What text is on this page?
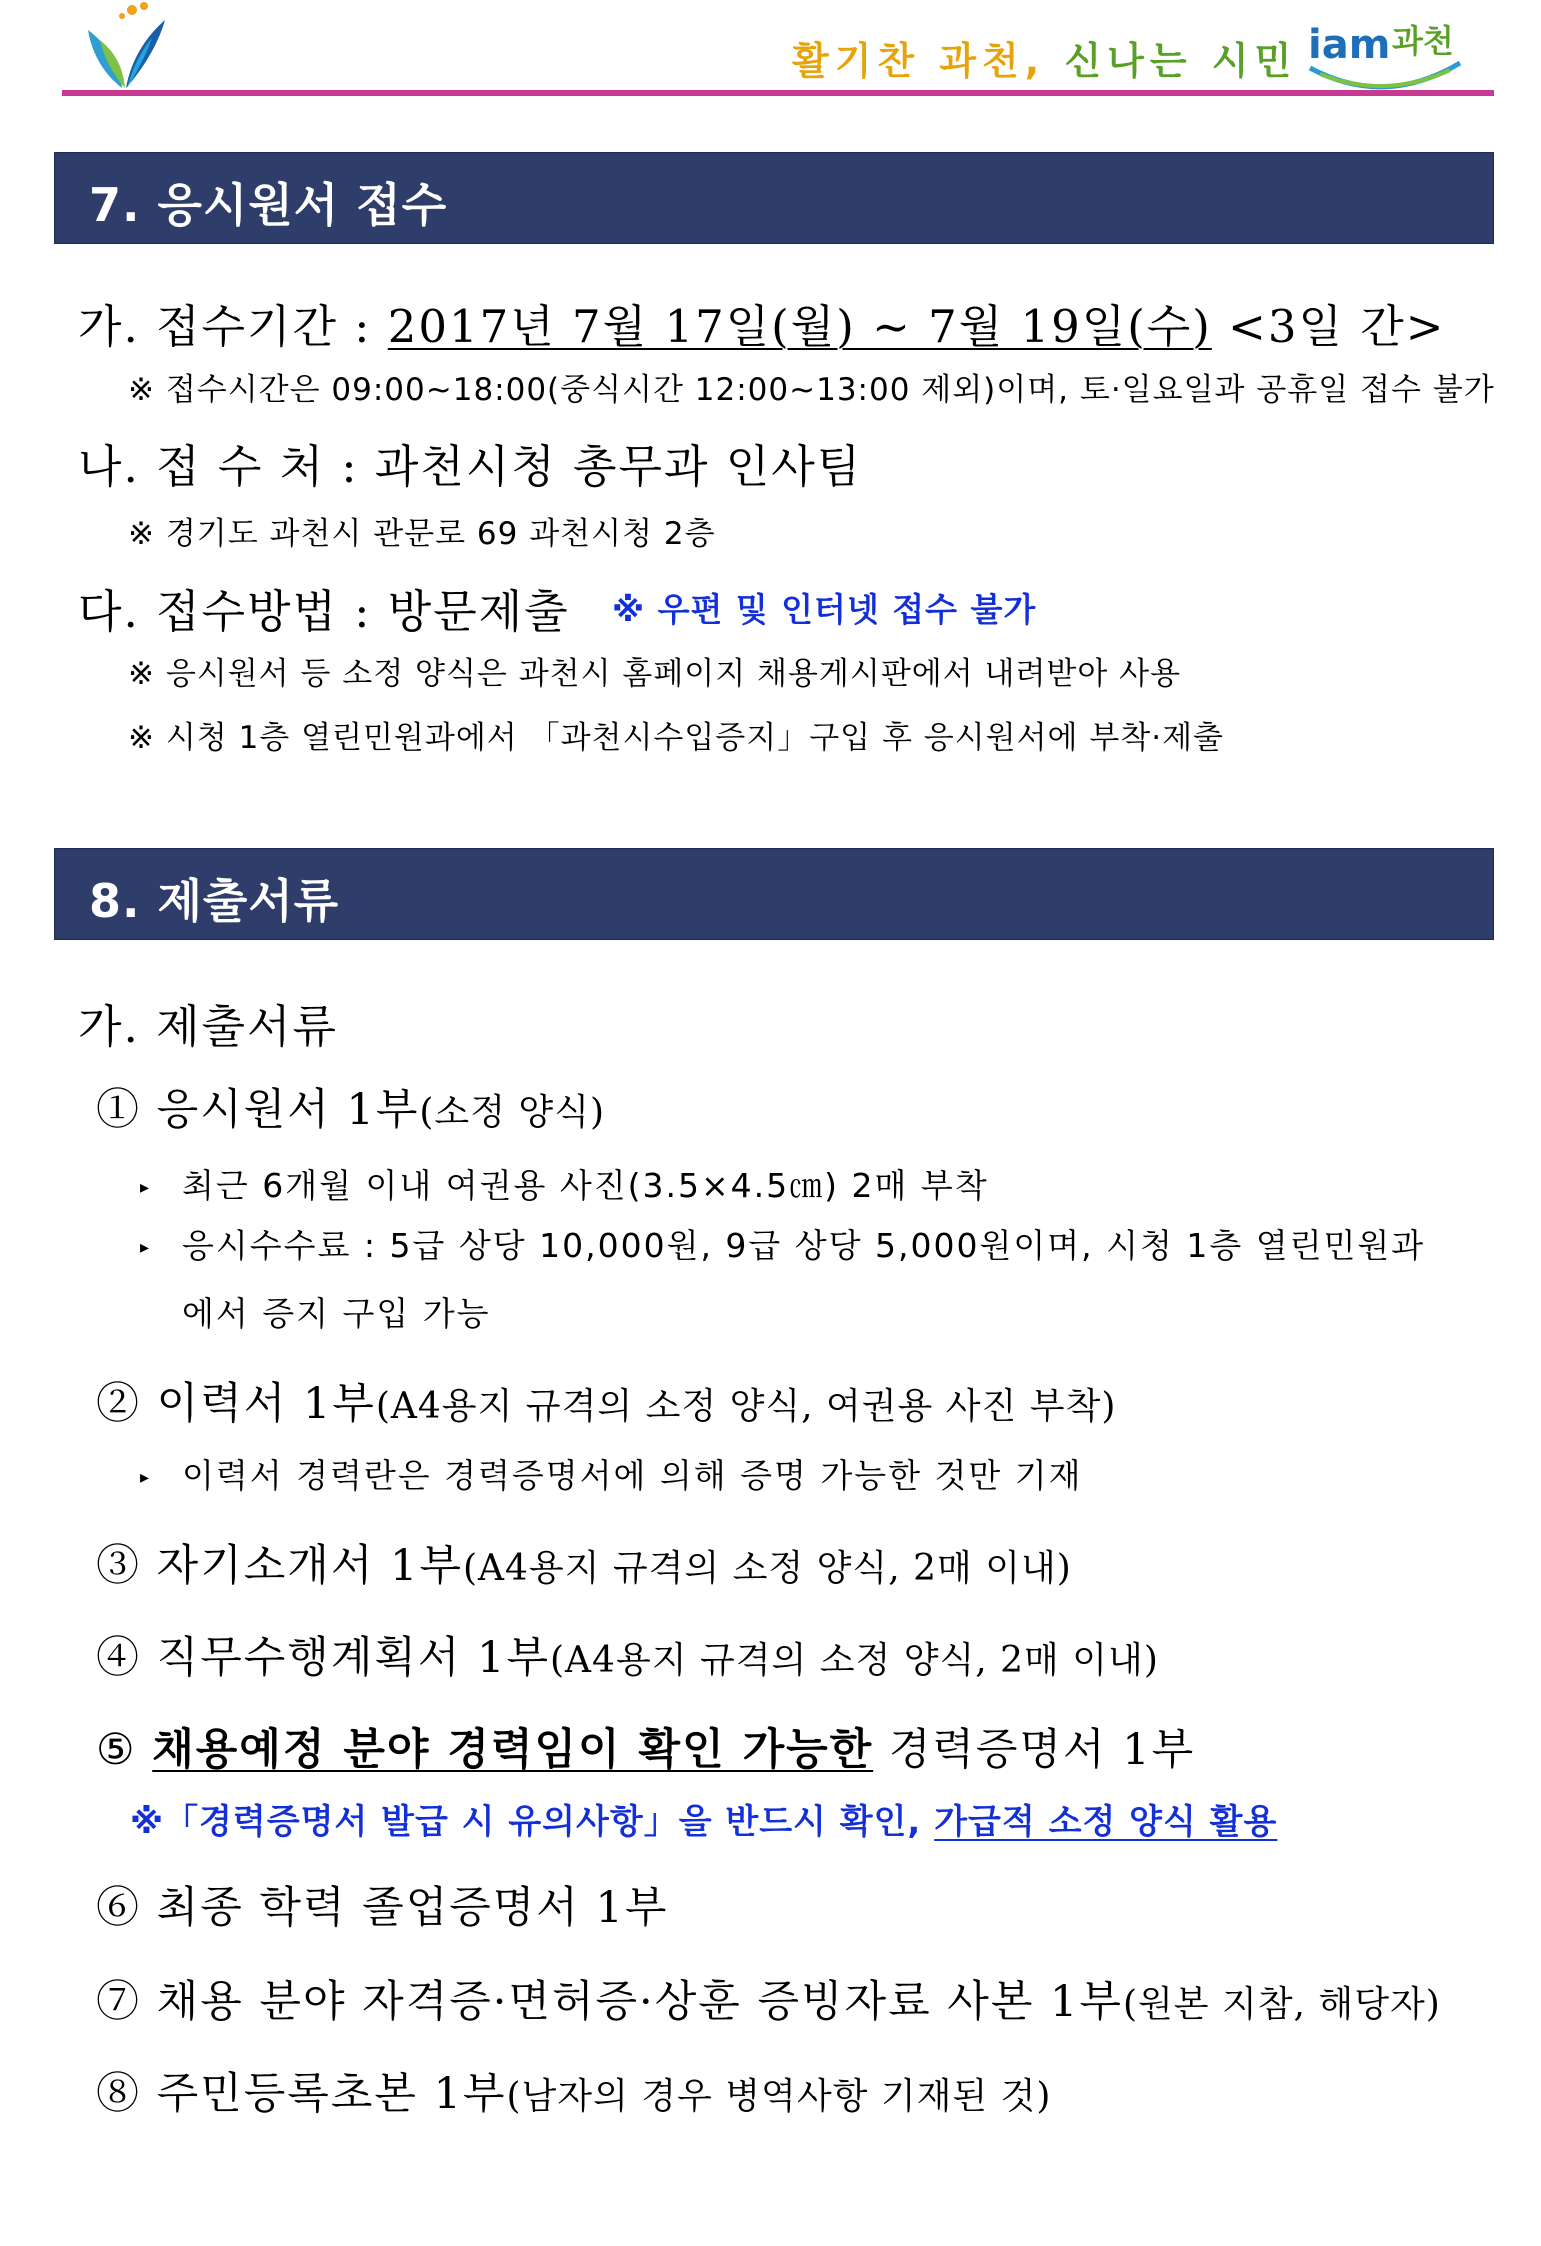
활기찬 과천, 신나는 시민 iam 과천
7. 응시원서 접수
가. 접수기간 : 2017년 7월 17일(월) ~ 7월 19일(수) <3일 간>
※ 접수시간은 09:00~18:00(중식시간 12:00~13:00 제외)이며, 토·일요일과 공휴일 접수 불가
나. 접 수 처 : 과천시청 총무과 인사팀
※ 경기도 과천시 관문로 69 과천시청 2층
다. 접수방법 : 방문제출 ※ 우편 및 인터넷 접수 불가
※ 응시원서 등 소정 양식은 과천시 홈페이지 채용게시판에서 내려받아 사용
※ 시청 1층 열린민원과에서 「과천시수입증지」구입 후 응시원서에 부착·제출
8. 제출서류
가. 제출서류
① 응시원서 1부(소정 양식)
▸ 최근 6개월 이내 여권용 사진(3.5×4.5㎝) 2매 부착
▸ 응시수수료 : 5급 상당 10,000원, 9급 상당 5,000원이며, 시청 1층 열린민원과
에서 증지 구입 가능
② 이력서 1부(A4용지 규격의 소정 양식, 여권용 사진 부착)
▸ 이력서 경력란은 경력증명서에 의해 증명 가능한 것만 기재
③ 자기소개서 1부(A4용지 규격의 소정 양식, 2매 이내)
④ 직무수행계획서 1부(A4용지 규격의 소정 양식, 2매 이내)
⑤ 채용예정 분야 경력임이 확인 가능한 경력증명서 1부
※「경력증명서 발급 시 유의사항」을 반드시 확인, 가급적 소정 양식 활용
⑥ 최종 학력 졸업증명서 1부
⑦ 채용 분야 자격증·면허증·상훈 증빙자료 사본 1부(원본 지참, 해당자)
⑧ 주민등록초본 1부(남자의 경우 병역사항 기재된 것)
